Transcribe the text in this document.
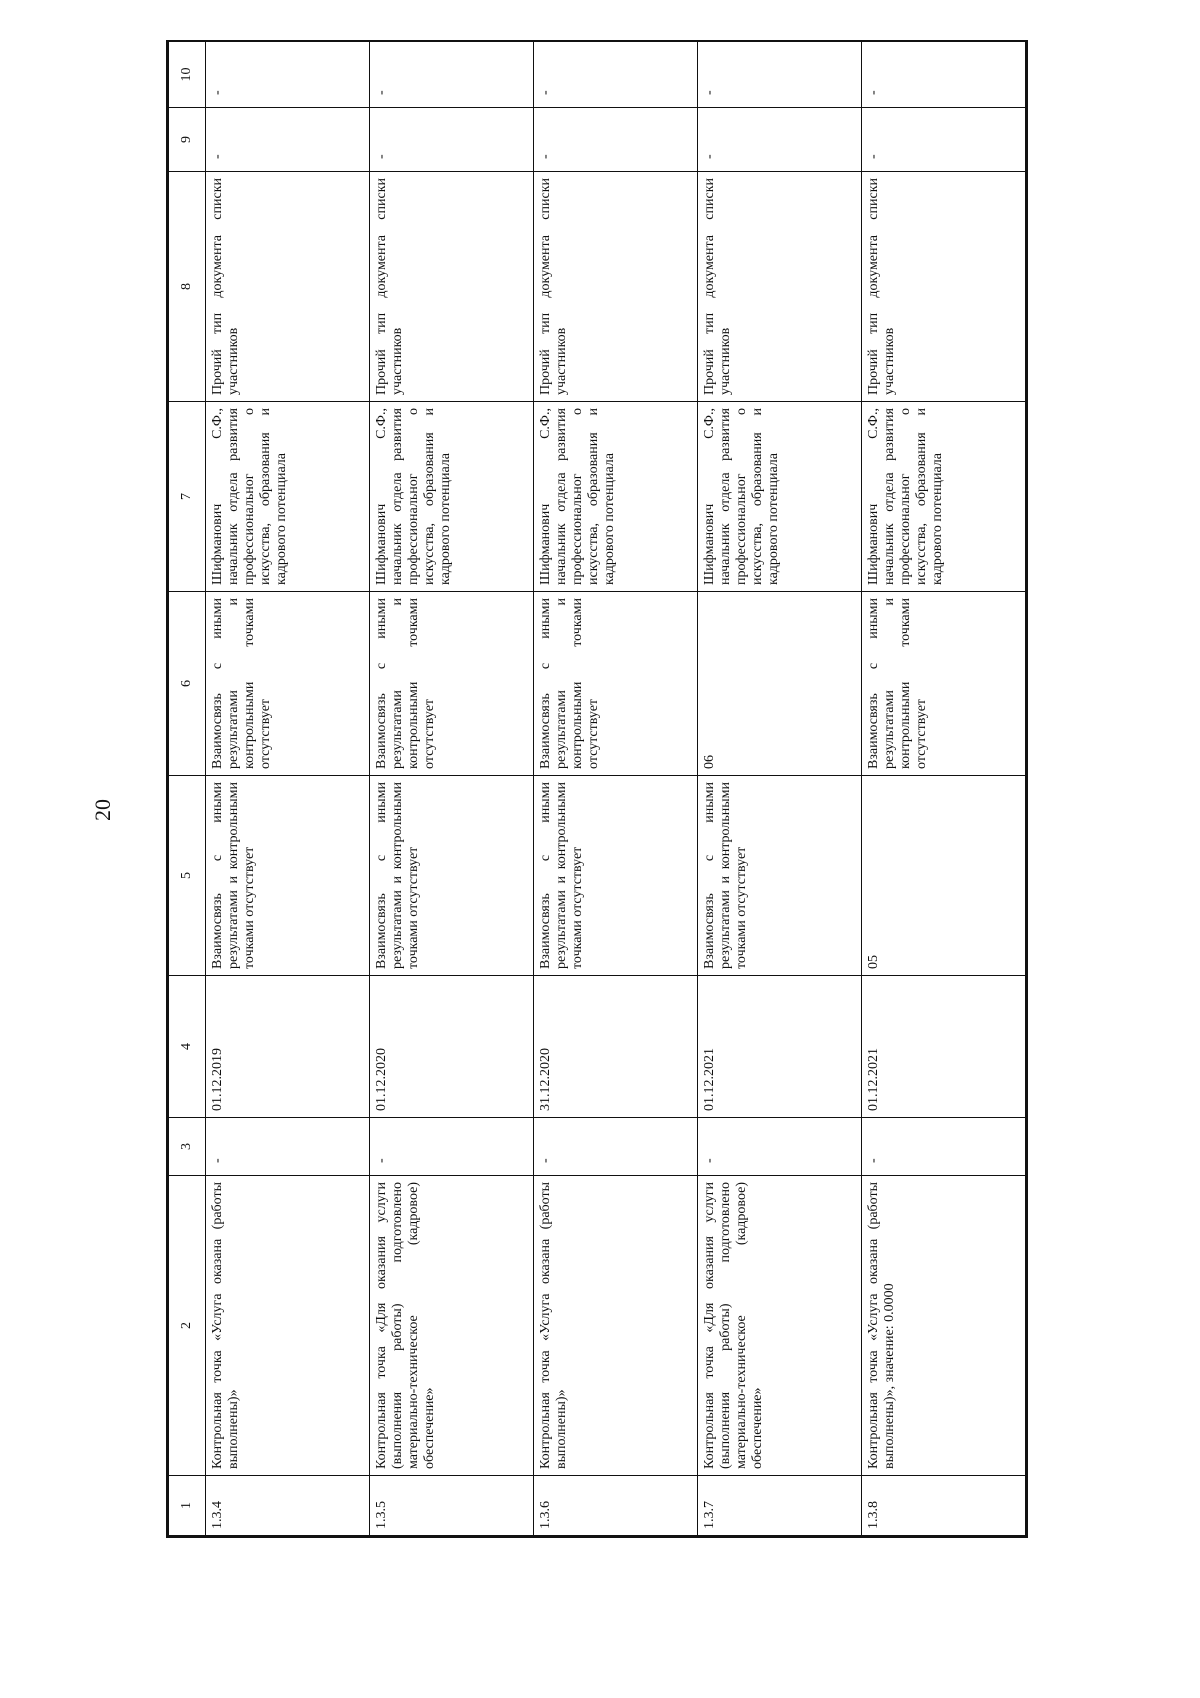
20
1	2	3	4	5	6	7	8	9	10
1.3.4	Контрольная точка «Услуга оказана (работы выполнены)»	-	01.12.2019	Взаимосвязь с иными результатами и контрольными точками отсутствует	Взаимосвязь с иными результатами и контрольными точками отсутствует	Шифманович С.Ф., начальник отдела развития профессиональног о искусства, образования и кадрового потенциала	Прочий тип документа списки участников	-	-
1.3.5	Контрольная точка «Для оказания услуги (выполнения работы) подготовлено материально-техническое (кадровое) обеспечение»	-	01.12.2020	Взаимосвязь с иными результатами и контрольными точками отсутствует	Взаимосвязь с иными результатами и контрольными точками отсутствует	Шифманович С.Ф., начальник отдела развития профессиональног о искусства, образования и кадрового потенциала	Прочий тип документа списки участников	-	-
1.3.6	Контрольная точка «Услуга оказана (работы выполнены)»	-	31.12.2020	Взаимосвязь с иными результатами и контрольными точками отсутствует	Взаимосвязь с иными результатами и контрольными точками отсутствует	Шифманович С.Ф., начальник отдела развития профессиональног о искусства, образования и кадрового потенциала	Прочий тип документа списки участников	-	-
1.3.7	Контрольная точка «Для оказания услуги (выполнения работы) подготовлено материально-техническое (кадровое) обеспечение»	-	01.12.2021	Взаимосвязь с иными результатами и контрольными точками отсутствует	06	Шифманович С.Ф., начальник отдела развития профессиональног о искусства, образования и кадрового потенциала	Прочий тип документа списки участников	-	-
1.3.8	Контрольная точка «Услуга оказана (работы выполнены)», значение: 0.0000	-	01.12.2021	05	Взаимосвязь с иными результатами и контрольными точками отсутствует	Шифманович С.Ф., начальник отдела развития профессиональног о искусства, образования и кадрового потенциала	Прочий тип документа списки участников	-	-
